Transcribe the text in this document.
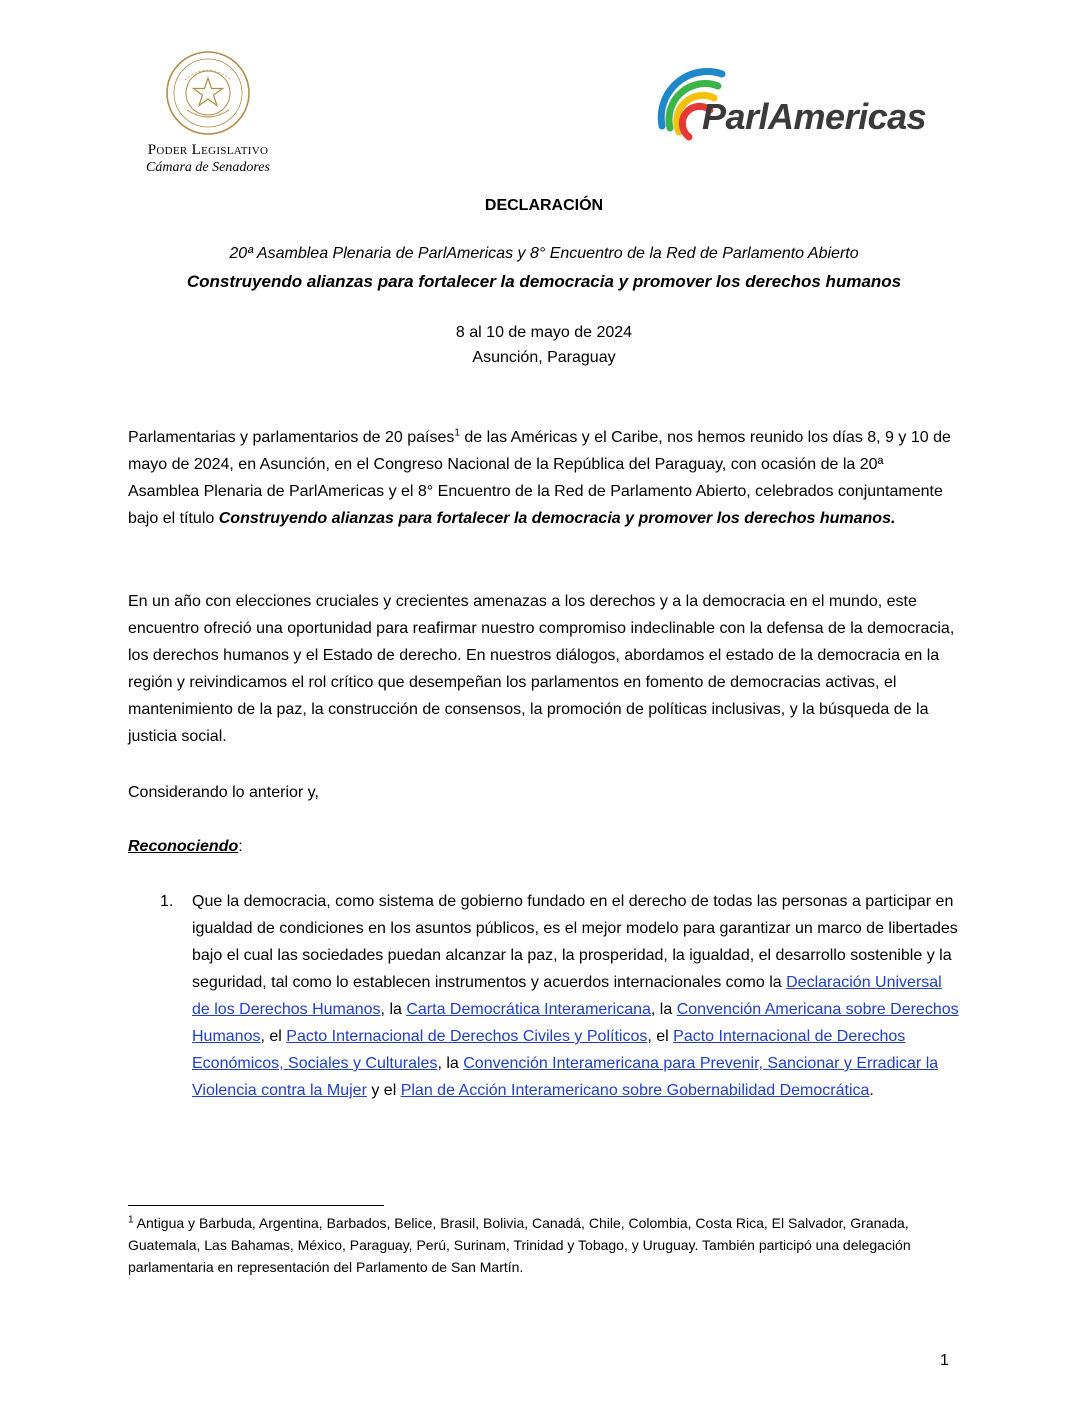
Poder Legislativo
Cámara de Senadores
ParlAmericas
DECLARACIÓN
20ª Asamblea Plenaria de ParlAmericas y 8° Encuentro de la Red de Parlamento Abierto
Construyendo alianzas para fortalecer la democracia y promover los derechos humanos
8 al 10 de mayo de 2024
Asunción, Paraguay
Parlamentarias y parlamentarios de 20 países$^1$ de las Américas y el Caribe, nos hemos reunido los días 8, 9 y 10 de mayo de 2024, en Asunción, en el Congreso Nacional de la República del Paraguay, con ocasión de la 20ª Asamblea Plenaria de ParlAmericas y el 8° Encuentro de la Red de Parlamento Abierto, celebrados conjuntamente bajo el título Construyendo alianzas para fortalecer la democracia y promover los derechos humanos.
En un año con elecciones cruciales y crecientes amenazas a los derechos y a la democracia en el mundo, este encuentro ofreció una oportunidad para reafirmar nuestro compromiso indeclinable con la defensa de la democracia, los derechos humanos y el Estado de derecho. En nuestros diálogos, abordamos el estado de la democracia en la región y reivindicamos el rol crítico que desempeñan los parlamentos en fomento de democracias activas, el mantenimiento de la paz, la construcción de consensos, la promoción de políticas inclusivas, y la búsqueda de la justicia social.
Considerando lo anterior y,
Reconociendo:
1. Que la democracia, como sistema de gobierno fundado en el derecho de todas las personas a participar en igualdad de condiciones en los asuntos públicos, es el mejor modelo para garantizar un marco de libertades bajo el cual las sociedades puedan alcanzar la paz, la prosperidad, la igualdad, el desarrollo sostenible y la seguridad, tal como lo establecen instrumentos y acuerdos internacionales como la Declaración Universal de los Derechos Humanos, la Carta Democrática Interamericana, la Convención Americana sobre Derechos Humanos, el Pacto Internacional de Derechos Civiles y Políticos, el Pacto Internacional de Derechos Económicos, Sociales y Culturales, la Convención Interamericana para Prevenir, Sancionar y Erradicar la Violencia contra la Mujer y el Plan de Acción Interamericano sobre Gobernabilidad Democrática.
$^1$ Antigua y Barbuda, Argentina, Barbados, Belice, Brasil, Bolivia, Canadá, Chile, Colombia, Costa Rica, El Salvador, Granada, Guatemala, Las Bahamas, México, Paraguay, Perú, Surinam, Trinidad y Tobago, y Uruguay. También participó una delegación parlamentaria en representación del Parlamento de San Martín.
1
